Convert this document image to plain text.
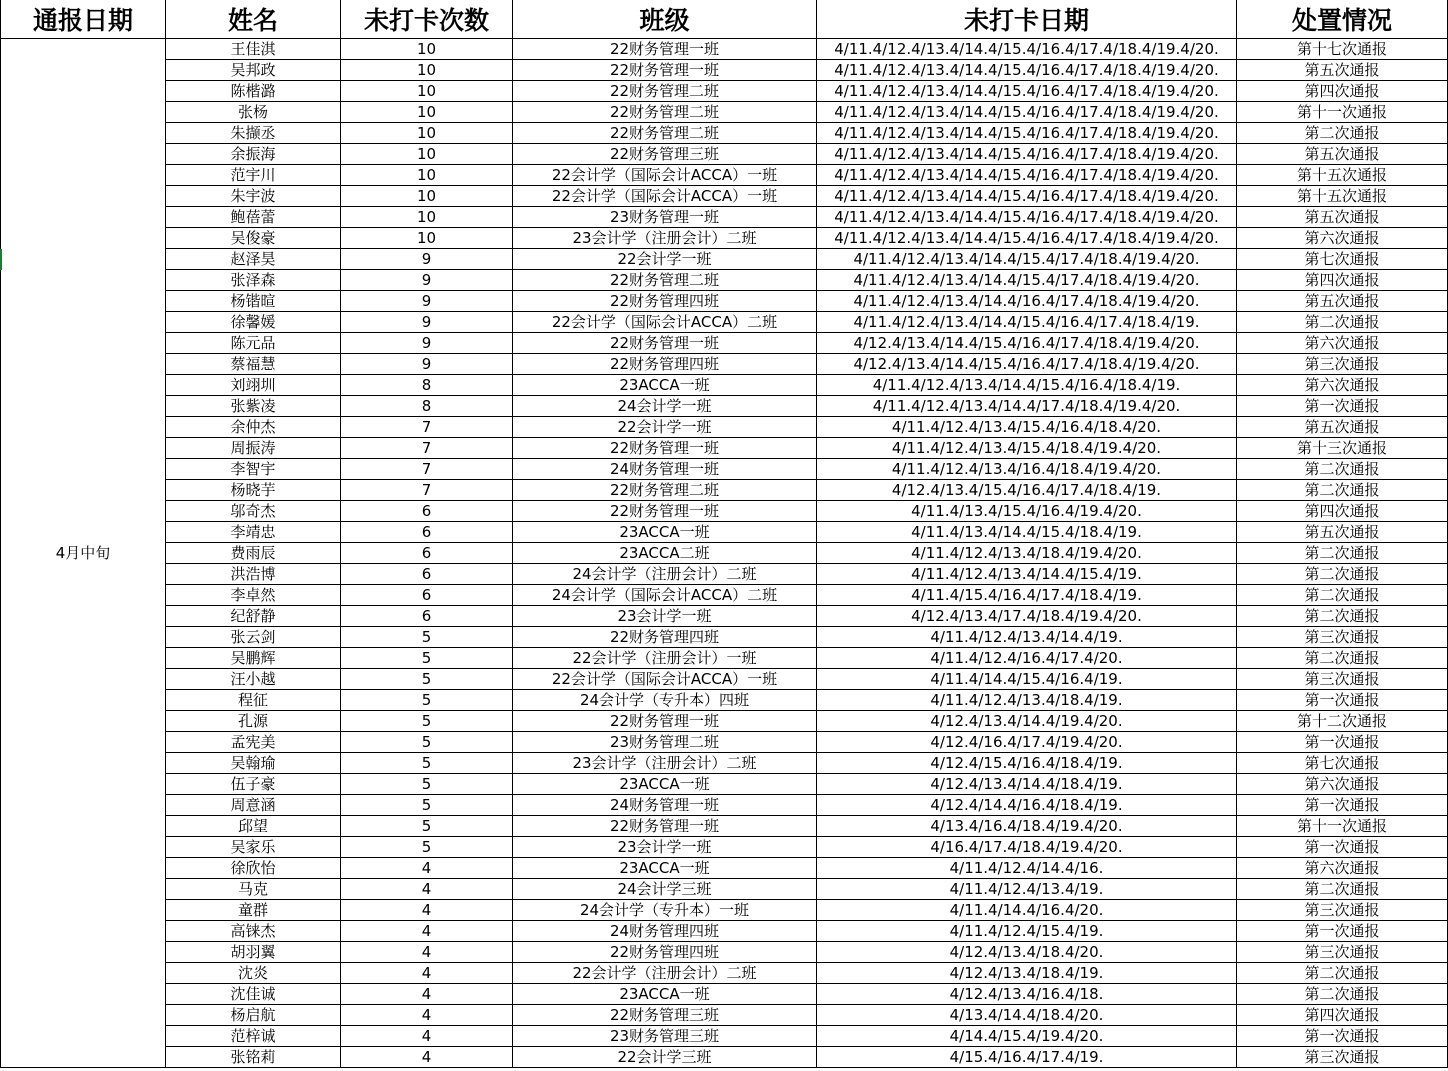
通报日期	姓名	未打卡次数	班级	未打卡日期	处置情况
4月中旬	王佳淇	10	22财务管理一班	4/11.4/12.4/13.4/14.4/15.4/16.4/17.4/18.4/19.4/20.	第十七次通报
	吴邦政	10	22财务管理一班	4/11.4/12.4/13.4/14.4/15.4/16.4/17.4/18.4/19.4/20.	第五次通报
	陈楷潞	10	22财务管理二班	4/11.4/12.4/13.4/14.4/15.4/16.4/17.4/18.4/19.4/20.	第四次通报
	张杨	10	22财务管理二班	4/11.4/12.4/13.4/14.4/15.4/16.4/17.4/18.4/19.4/20.	第十一次通报
	朱撷丞	10	22财务管理二班	4/11.4/12.4/13.4/14.4/15.4/16.4/17.4/18.4/19.4/20.	第二次通报
	余振海	10	22财务管理三班	4/11.4/12.4/13.4/14.4/15.4/16.4/17.4/18.4/19.4/20.	第五次通报
	范宇川	10	22会计学（国际会计ACCA）一班	4/11.4/12.4/13.4/14.4/15.4/16.4/17.4/18.4/19.4/20.	第十五次通报
	朱宇波	10	22会计学（国际会计ACCA）一班	4/11.4/12.4/13.4/14.4/15.4/16.4/17.4/18.4/19.4/20.	第十五次通报
	鲍蓓蕾	10	23财务管理一班	4/11.4/12.4/13.4/14.4/15.4/16.4/17.4/18.4/19.4/20.	第五次通报
	吴俊豪	10	23会计学（注册会计）二班	4/11.4/12.4/13.4/14.4/15.4/16.4/17.4/18.4/19.4/20.	第六次通报
	赵泽昊	9	22会计学一班	4/11.4/12.4/13.4/14.4/15.4/17.4/18.4/19.4/20.	第七次通报
	张泽森	9	22财务管理二班	4/11.4/12.4/13.4/14.4/15.4/17.4/18.4/19.4/20.	第四次通报
	杨锴暄	9	22财务管理四班	4/11.4/12.4/13.4/14.4/16.4/17.4/18.4/19.4/20.	第五次通报
	徐馨媛	9	22会计学（国际会计ACCA）二班	4/11.4/12.4/13.4/14.4/15.4/16.4/17.4/18.4/19.	第二次通报
	陈元品	9	22财务管理一班	4/12.4/13.4/14.4/15.4/16.4/17.4/18.4/19.4/20.	第六次通报
	蔡福慧	9	22财务管理四班	4/12.4/13.4/14.4/15.4/16.4/17.4/18.4/19.4/20.	第三次通报
	刘翊圳	8	23ACCA一班	4/11.4/12.4/13.4/14.4/15.4/16.4/18.4/19.	第六次通报
	张紫凌	8	24会计学一班	4/11.4/12.4/13.4/14.4/17.4/18.4/19.4/20.	第一次通报
	余仲杰	7	22会计学一班	4/11.4/12.4/13.4/15.4/16.4/18.4/20.	第五次通报
	周振涛	7	22财务管理一班	4/11.4/12.4/13.4/15.4/18.4/19.4/20.	第十三次通报
	李智宇	7	24财务管理一班	4/11.4/12.4/13.4/16.4/18.4/19.4/20.	第二次通报
	杨晓芋	7	22财务管理二班	4/12.4/13.4/15.4/16.4/17.4/18.4/19.	第二次通报
	邬奇杰	6	22财务管理一班	4/11.4/13.4/15.4/16.4/19.4/20.	第四次通报
	李靖忠	6	23ACCA一班	4/11.4/13.4/14.4/15.4/18.4/19.	第五次通报
	费雨辰	6	23ACCA二班	4/11.4/12.4/13.4/18.4/19.4/20.	第二次通报
	洪浩博	6	24会计学（注册会计）二班	4/11.4/12.4/13.4/14.4/15.4/19.	第二次通报
	李卓然	6	24会计学（国际会计ACCA）二班	4/11.4/15.4/16.4/17.4/18.4/19.	第二次通报
	纪舒静	6	23会计学一班	4/12.4/13.4/17.4/18.4/19.4/20.	第二次通报
	张云剑	5	22财务管理四班	4/11.4/12.4/13.4/14.4/19.	第三次通报
	吴鹏辉	5	22会计学（注册会计）一班	4/11.4/12.4/16.4/17.4/20.	第二次通报
	汪小越	5	22会计学（国际会计ACCA）一班	4/11.4/14.4/15.4/16.4/19.	第三次通报
	程征	5	24会计学（专升本）四班	4/11.4/12.4/13.4/18.4/19.	第一次通报
	孔源	5	22财务管理一班	4/12.4/13.4/14.4/19.4/20.	第十二次通报
	孟宪美	5	23财务管理二班	4/12.4/16.4/17.4/19.4/20.	第一次通报
	吴翰瑜	5	23会计学（注册会计）二班	4/12.4/15.4/16.4/18.4/19.	第七次通报
	伍子豪	5	23ACCA一班	4/12.4/13.4/14.4/18.4/19.	第六次通报
	周意涵	5	24财务管理一班	4/12.4/14.4/16.4/18.4/19.	第一次通报
	邱望	5	22财务管理一班	4/13.4/16.4/18.4/19.4/20.	第十一次通报
	吴家乐	5	23会计学一班	4/16.4/17.4/18.4/19.4/20.	第一次通报
	徐欣怡	4	23ACCA一班	4/11.4/12.4/14.4/16.	第六次通报
	马克	4	24会计学三班	4/11.4/12.4/13.4/19.	第二次通报
	童群	4	24会计学（专升本）一班	4/11.4/14.4/16.4/20.	第三次通报
	高铼杰	4	24财务管理四班	4/11.4/12.4/15.4/19.	第一次通报
	胡羽翼	4	22财务管理四班	4/12.4/13.4/18.4/20.	第三次通报
	沈炎	4	22会计学（注册会计）二班	4/12.4/13.4/18.4/19.	第二次通报
	沈佳诚	4	23ACCA一班	4/12.4/13.4/16.4/18.	第二次通报
	杨启航	4	22财务管理三班	4/13.4/14.4/18.4/20.	第四次通报
	范梓诚	4	23财务管理三班	4/14.4/15.4/19.4/20.	第一次通报
	张铭莉	4	22会计学三班	4/15.4/16.4/17.4/19.	第三次通报
